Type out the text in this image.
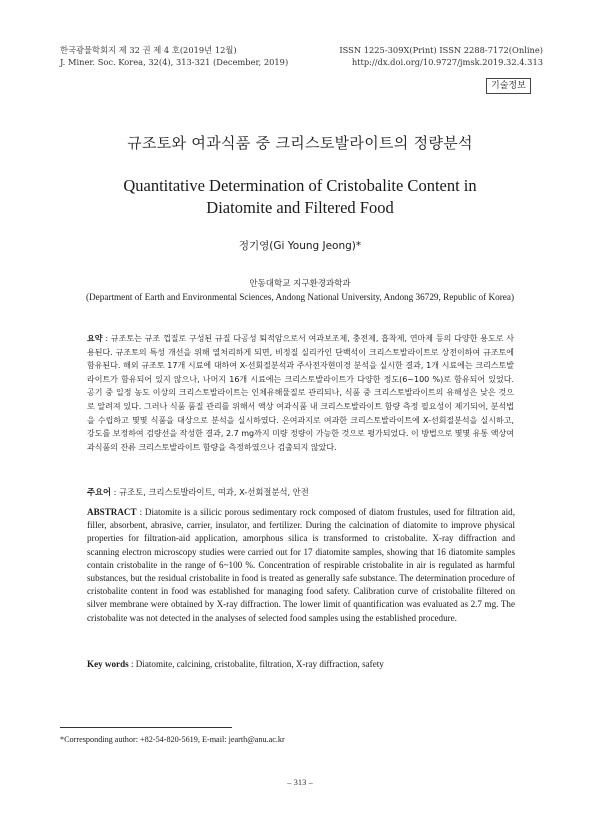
한국광물학회지 제 32 권 제 4 호(2019년 12월)
J. Miner. Soc. Korea, 32(4), 313-321 (December, 2019)
ISSN 1225-309X(Print) ISSN 2288-7172(Online)
http://dx.doi.org/10.9727/jmsk.2019.32.4.313
기술정보
규조토와 여과식품 중 크리스토발라이트의 정량분석
Quantitative Determination of Cristobalite Content in Diatomite and Filtered Food
정기영(Gi Young Jeong)*
안동대학교 지구환경과학과
(Department of Earth and Environmental Sciences, Andong National University, Andong 36729, Republic of Korea)
요약 : 규조토는 규조 껍질로 구성된 규질 다공성 퇴적암으로서 여과보조제, 충전제, 흡착제, 연마제 등의 다양한 용도로 사용된다. 규조토의 특성 개선을 위해 열처리하게 되면, 비정질 실리카인 단백석이 크리스토발라이트로 상전이하여 규조토에 함유된다. 해외 규조토 17개 시료에 대하여 X-선회절분석과 주사전자현미경 분석을 실시한 결과, 1개 시료에는 크리스토발라이트가 함유되어 있지 않으나, 나머지 16개 시료에는 크리스토발라이트가 다양한 정도(6~100 %)로 함유되어 있었다. 공기 중 일정 농도 이상의 크리스토발라이트는 인체유해물질로 관리되나, 식품 중 크리스토발라이트의 유해성은 낮은 것으로 알려져 있다. 그러나 식품 품질 관리를 위해서 액상 여과식품 내 크리스토발라이트 함량 측정 필요성이 제기되어, 분석법을 수립하고 몇몇 식품을 대상으로 분석을 실시하였다. 은여과지로 여과한 크리스토발라이트에 X-선회절분석을 실시하고, 강도를 보정하여 검량선을 작성한 결과, 2.7 mg까지 미량 정량이 가능한 것으로 평가되었다. 이 방법으로 몇몇 유통 액상여과식품의 잔류 크리스토발라이트 함량을 측정하였으나 검출되지 않았다.
주요어 : 규조토, 크리스토발라이트, 여과, X-선회절분석, 안전
ABSTRACT : Diatomite is a silicic porous sedimentary rock composed of diatom frustules, used for filtration aid, filler, absorbent, abrasive, carrier, insulator, and fertilizer. During the calcination of diatomite to improve physical properties for filtration-aid application, amorphous silica is transformed to cristobalite. X-ray diffraction and scanning electron microscopy studies were carried out for 17 diatomite samples, showing that 16 diatomite samples contain cristobalite in the range of 6~100 %. Concentration of respirable cristobalite in air is regulated as harmful substances, but the residual cristobalite in food is treated as generally safe substance. The determination procedure of cristobalite content in food was established for managing food safety. Calibration curve of cristobalite filtered on silver membrane were obtained by X-ray diffraction. The lower limit of quantification was evaluated as 2.7 mg. The cristobalite was not detected in the analyses of selected food samples using the established procedure.
Key words : Diatomite, calcining, cristobalite, filtration, X-ray diffraction, safety
*Corresponding author: +82-54-820-5619, E-mail: jearth@anu.ac.kr
– 313 –
